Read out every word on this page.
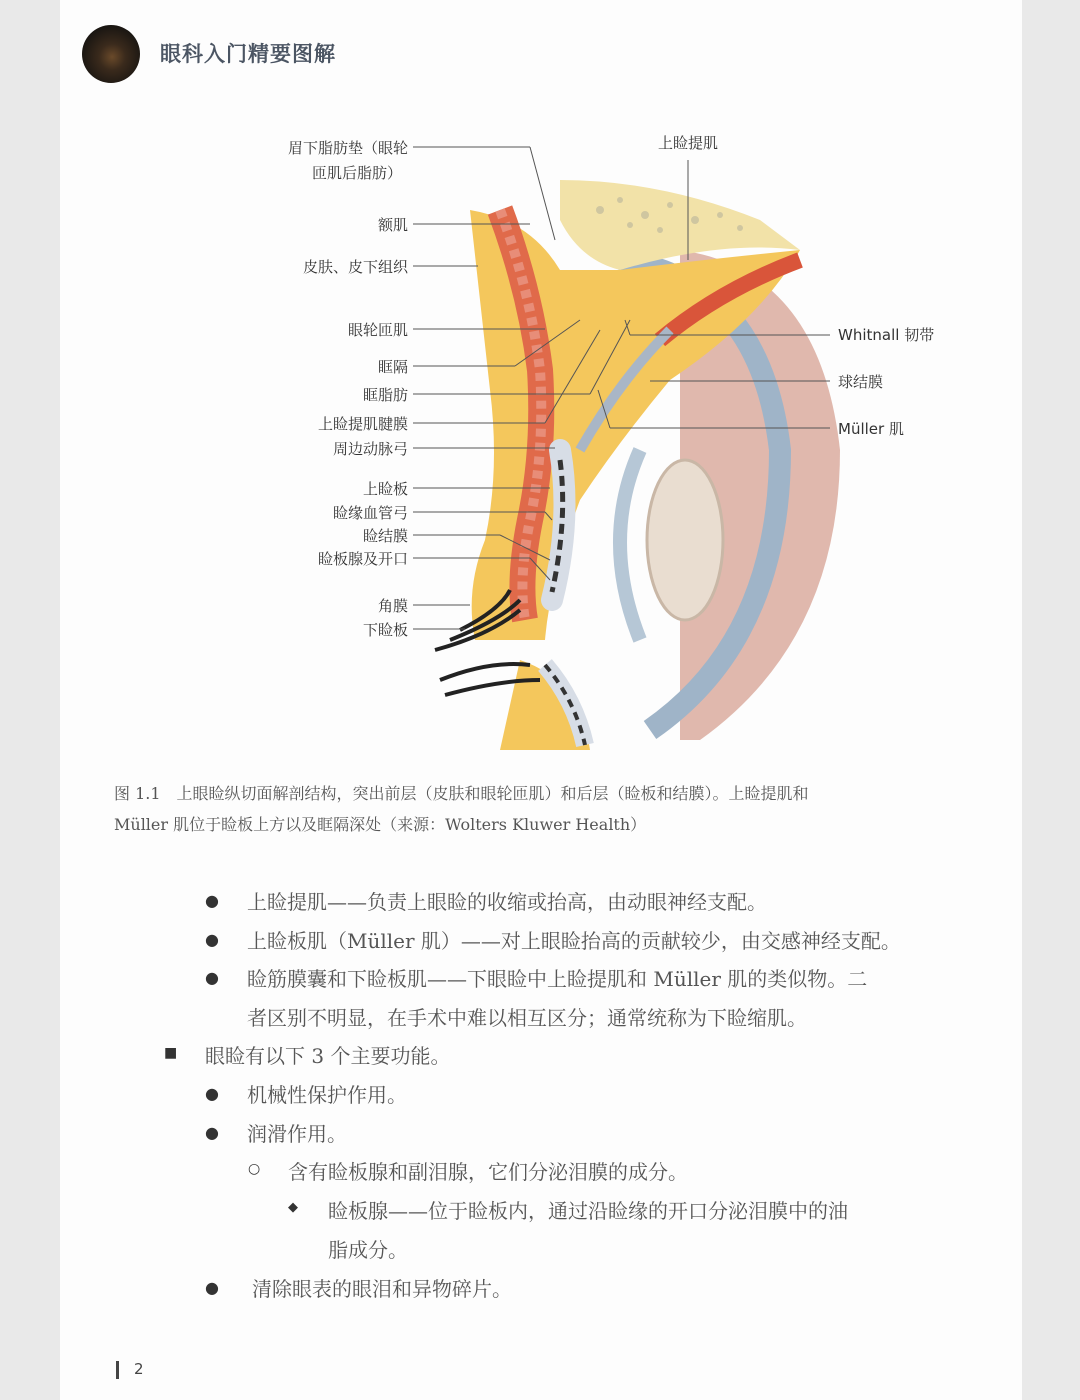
眼科入门精要图解
眉下脂肪垫（眼轮
匝肌后脂肪）
额肌
皮肤、皮下组织
眼轮匝肌
眶隔
眶脂肪
上睑提肌腱膜
周边动脉弓
上睑板
睑缘血管弓
睑结膜
睑板腺及开口
角膜
下睑板
上睑提肌
Whitnall 韧带
球结膜
Müller 肌
图 1.1　上眼睑纵切面解剖结构，突出前层（皮肤和眼轮匝肌）和后层（睑板和结膜）。上睑提肌和
Müller 肌位于睑板上方以及眶隔深处（来源：Wolters Kluwer Health）
● 上睑提肌——负责上眼睑的收缩或抬高，由动眼神经支配。
● 上睑板肌（Müller 肌）——对上眼睑抬高的贡献较少，由交感神经支配。
● 睑筋膜囊和下睑板肌——下眼睑中上睑提肌和 Müller 肌的类似物。二
者区别不明显，在手术中难以相互区分；通常统称为下睑缩肌。
■ 眼睑有以下 3 个主要功能。
● 机械性保护作用。
● 润滑作用。
○ 含有睑板腺和副泪腺，它们分泌泪膜的成分。
◆ 睑板腺——位于睑板内，通过沿睑缘的开口分泌泪膜中的油
脂成分。
● 清除眼表的眼泪和异物碎片。
2
